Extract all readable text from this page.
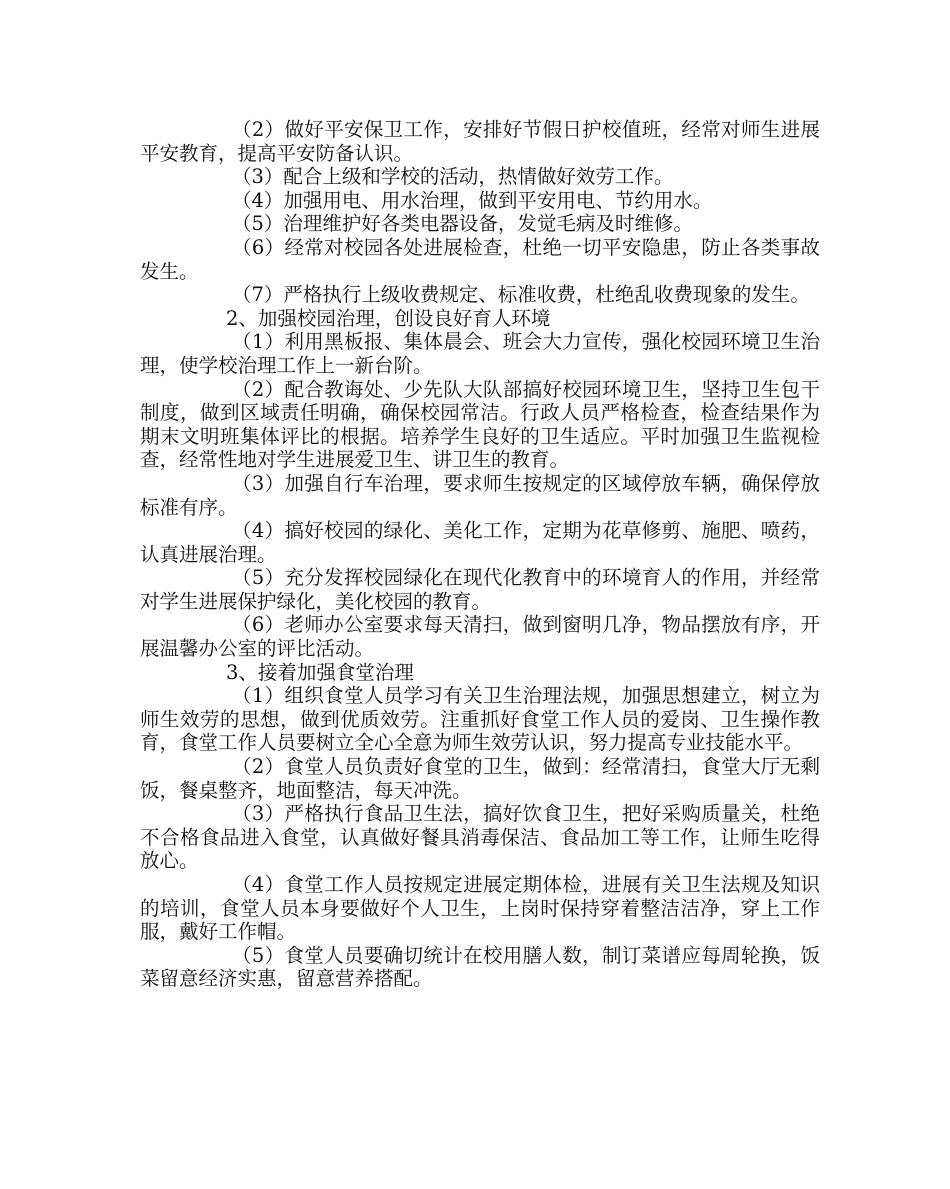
（2）做好平安保卫工作，安排好节假日护校值班，经常对师生进展平安教育，提高平安防备认识。

（3）配合上级和学校的活动，热情做好效劳工作。

（4）加强用电、用水治理，做到平安用电、节约用水。

（5）治理维护好各类电器设备，发觉毛病及时维修。

（6）经常对校园各处进展检查，杜绝一切平安隐患，防止各类事故发生。

（7）严格执行上级收费规定、标准收费，杜绝乱收费现象的发生。

2、加强校园治理，创设良好育人环境

（1）利用黑板报、集体晨会、班会大力宣传，强化校园环境卫生治理，使学校治理工作上一新台阶。

（2）配合教诲处、少先队大队部搞好校园环境卫生，坚持卫生包干制度，做到区域责任明确，确保校园常洁。行政人员严格检查，检查结果作为期末文明班集体评比的根据。培养学生良好的卫生适应。平时加强卫生监视检查，经常性地对学生进展爱卫生、讲卫生的教育。

（3）加强自行车治理，要求师生按规定的区域停放车辆，确保停放标准有序。

（4）搞好校园的绿化、美化工作，定期为花草修剪、施肥、喷药，认真进展治理。

（5）充分发挥校园绿化在现代化教育中的环境育人的作用，并经常对学生进展保护绿化，美化校园的教育。

（6）老师办公室要求每天清扫，做到窗明几净，物品摆放有序，开展温馨办公室的评比活动。

3、接着加强食堂治理

（1）组织食堂人员学习有关卫生治理法规，加强思想建立，树立为师生效劳的思想，做到优质效劳。注重抓好食堂工作人员的爱岗、卫生操作教育，食堂工作人员要树立全心全意为师生效劳认识，努力提高专业技能水平。

（2）食堂人员负责好食堂的卫生，做到：经常清扫，食堂大厅无剩饭，餐桌整齐，地面整洁，每天冲洗。

（3）严格执行食品卫生法，搞好饮食卫生，把好采购质量关，杜绝不合格食品进入食堂，认真做好餐具消毒保洁、食品加工等工作，让师生吃得放心。

（4）食堂工作人员按规定进展定期体检，进展有关卫生法规及知识的培训，食堂人员本身要做好个人卫生，上岗时保持穿着整洁洁净，穿上工作服，戴好工作帽。

（5）食堂人员要确切统计在校用膳人数，制订菜谱应每周轮换，饭菜留意经济实惠，留意营养搭配。
